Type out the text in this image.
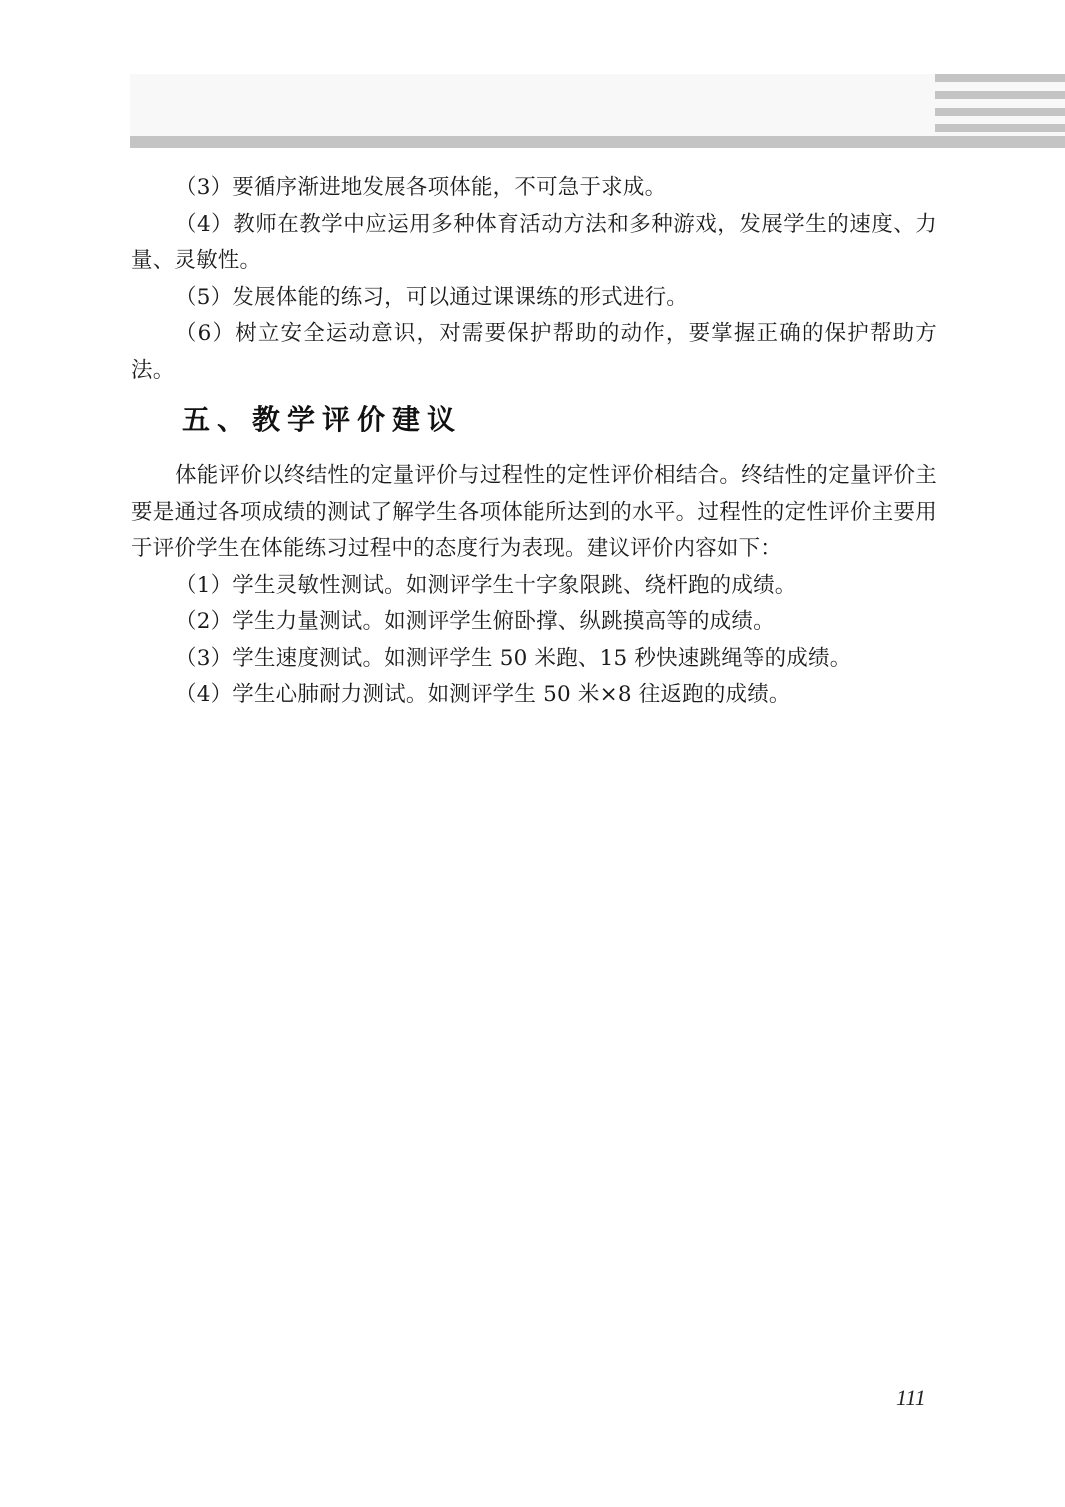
（3）要循序渐进地发展各项体能，不可急于求成。

（4）教师在教学中应运用多种体育活动方法和多种游戏，发展学生的速度、力量、灵敏性。

（5）发展体能的练习，可以通过课课练的形式进行。

（6）树立安全运动意识，对需要保护帮助的动作，要掌握正确的保护帮助方法。

五、教学评价建议

体能评价以终结性的定量评价与过程性的定性评价相结合。终结性的定量评价主要是通过各项成绩的测试了解学生各项体能所达到的水平。过程性的定性评价主要用于评价学生在体能练习过程中的态度行为表现。建议评价内容如下：

（1）学生灵敏性测试。如测评学生十字象限跳、绕杆跑的成绩。

（2）学生力量测试。如测评学生俯卧撑、纵跳摸高等的成绩。

（3）学生速度测试。如测评学生 50 米跑、15 秒快速跳绳等的成绩。

（4）学生心肺耐力测试。如测评学生 50 米×8 往返跑的成绩。

111
